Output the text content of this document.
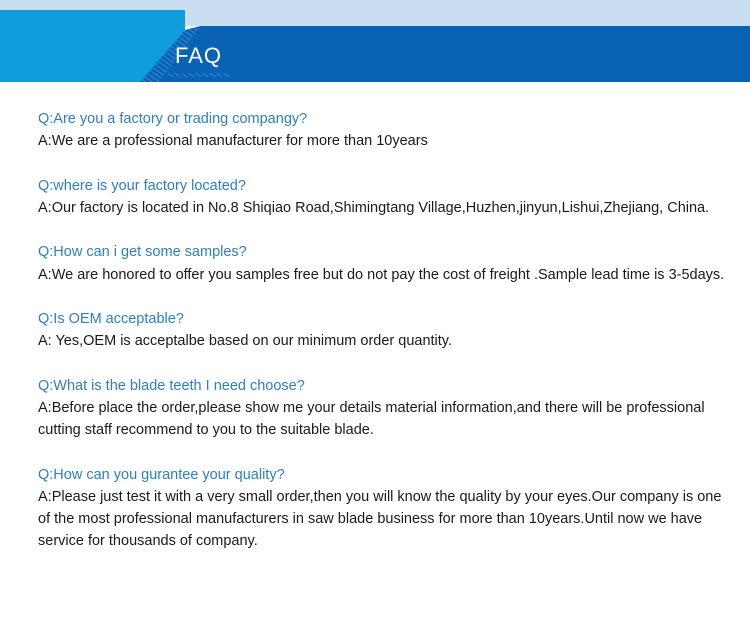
FAQ
Q:Are you a factory or trading compangy?
A:We are a professional manufacturer for more than 10years
Q:where is your factory located?
A:Our factory is located in No.8 Shiqiao Road,Shimingtang Village,Huzhen,jinyun,Lishui,Zhejiang, China.
Q:How can i get some samples?
A:We are honored to offer you samples free but do not pay the cost of freight .Sample lead time is 3-5days.
Q:Is OEM acceptable?
A: Yes,OEM is acceptalbe based on our minimum order quantity.
Q:What is the blade teeth I need choose?
A:Before place the order,please show me your details material information,and there will be professional cutting staff recommend to you to the suitable blade.
Q:How can you gurantee your quality?
A:Please just test it with a very small order,then you will know the quality by your eyes.Our company is one of the most professional manufacturers in saw blade business for more than 10years.Until now we have service for thousands of company.
